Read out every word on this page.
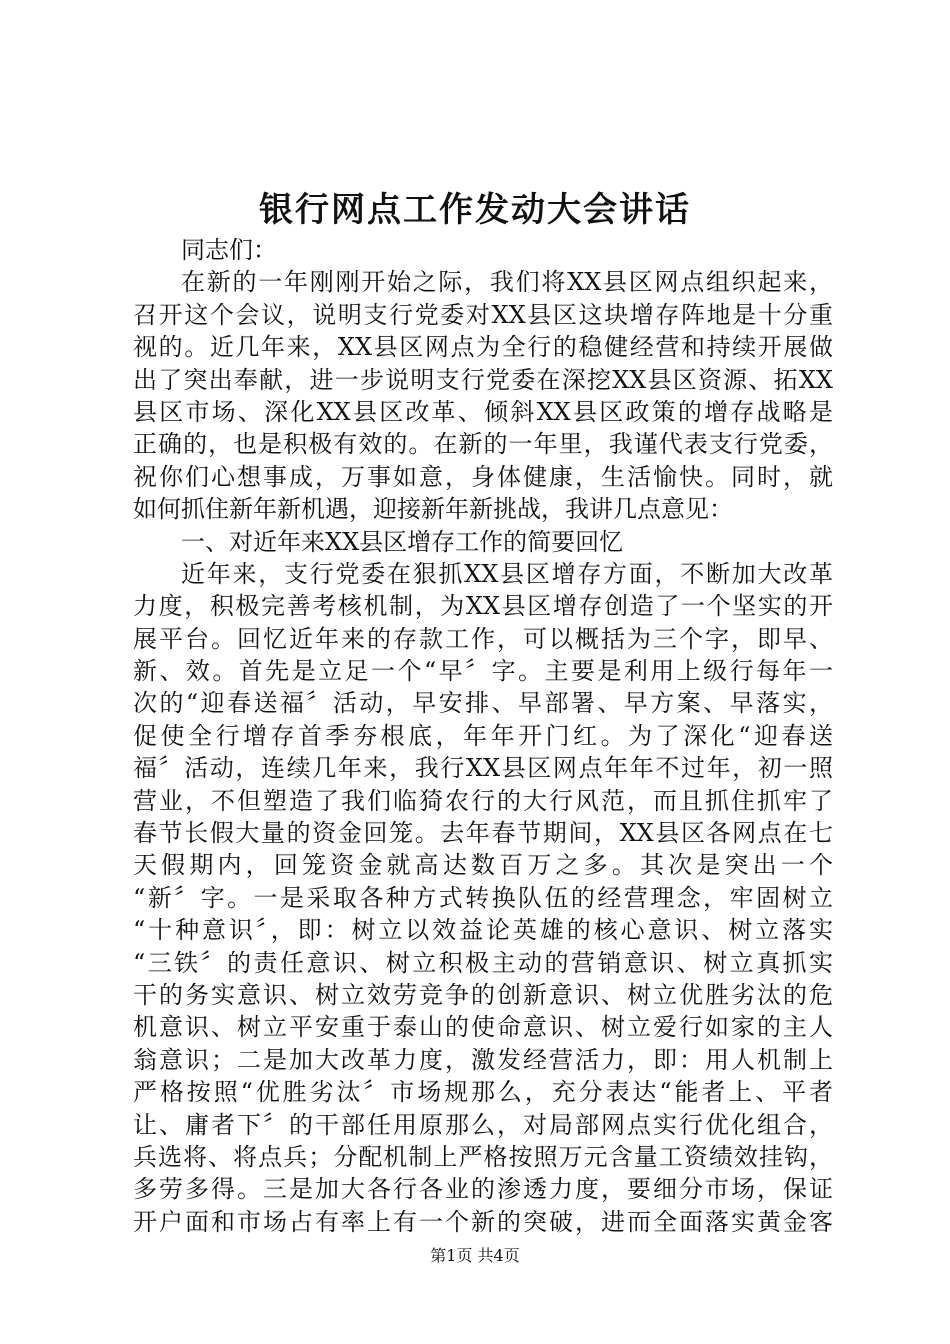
银行网点工作发动大会讲话
同志们：
在新的一年刚刚开始之际，我们将XX县区网点组织起来，
召开这个会议，说明支行党委对XX县区这块增存阵地是十分重
视的。近几年来，XX县区网点为全行的稳健经营和持续开展做
出了突出奉献，进一步说明支行党委在深挖XX县区资源、拓XX
县区市场、深化XX县区改革、倾斜XX县区政策的增存战略是
正确的，也是积极有效的。在新的一年里，我谨代表支行党委，
祝你们心想事成，万事如意，身体健康，生活愉快。同时，就
如何抓住新年新机遇，迎接新年新挑战，我讲几点意见：
一、对近年来XX县区增存工作的简要回忆
近年来，支行党委在狠抓XX县区增存方面，不断加大改革
力度，积极完善考核机制，为XX县区增存创造了一个坚实的开
展平台。回忆近年来的存款工作，可以概括为三个字，即早、
新、效。首先是立足一个“早〞字。主要是利用上级行每年一
次的“迎春送福〞活动，早安排、早部署、早方案、早落实，
促使全行增存首季夯根底，年年开门红。为了深化“迎春送
福〞活动，连续几年来，我行XX县区网点年年不过年，初一照
营业，不但塑造了我们临猗农行的大行风范，而且抓住抓牢了
春节长假大量的资金回笼。去年春节期间，XX县区各网点在七
天假期内，回笼资金就高达数百万之多。其次是突出一个
“新〞字。一是采取各种方式转换队伍的经营理念，牢固树立
“十种意识〞，即：树立以效益论英雄的核心意识、树立落实
“三铁〞的责任意识、树立积极主动的营销意识、树立真抓实
干的务实意识、树立效劳竞争的创新意识、树立优胜劣汰的危
机意识、树立平安重于泰山的使命意识、树立爱行如家的主人
翁意识；二是加大改革力度，激发经营活力，即：用人机制上
严格按照“优胜劣汰〞市场规那么，充分表达“能者上、平者
让、庸者下〞的干部任用原那么，对局部网点实行优化组合，
兵选将、将点兵；分配机制上严格按照万元含量工资绩效挂钩，
多劳多得。三是加大各行各业的渗透力度，要细分市场，保证
开户面和市场占有率上有一个新的突破，进而全面落实黄金客
第1页 共4页
